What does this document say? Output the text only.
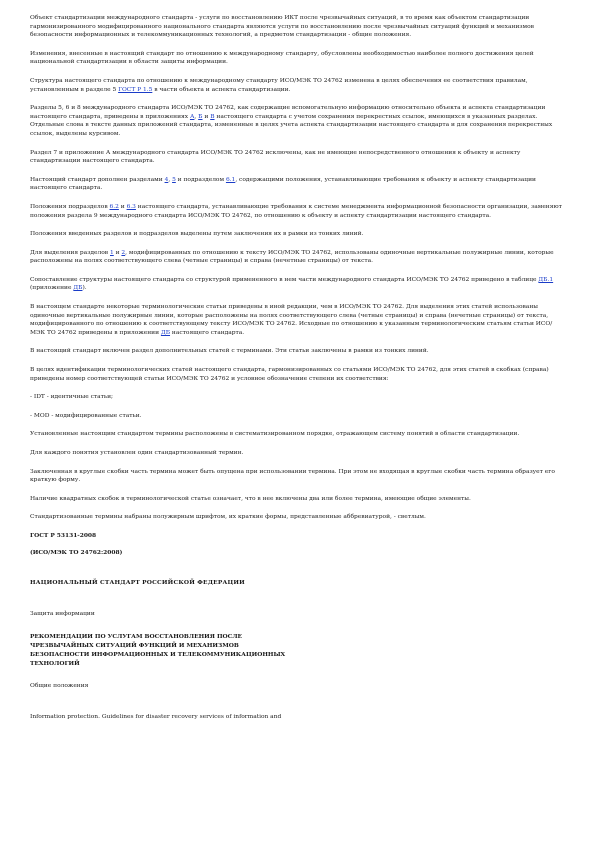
Объект стандартизации международного стандарта - услуги по восстановлению ИКТ после чрезвычайных ситуаций, в то время как объектом стандартизации гармонизированного модифицированного национального стандарта являются услуги по восстановлению после чрезвычайных ситуаций функций и механизмов безопасности информационных и телекоммуникационных технологий, а предметом стандартизации - общие положения.
Изменения, внесенные в настоящий стандарт по отношению к международному стандарту, обусловлены необходимостью наиболее полного достижения целей национальной стандартизации в области защиты информации.
Структура настоящего стандарта по отношению к международному стандарту ИСО/МЭК ТО 24762 изменена в целях обеспечения ее соответствия правилам, установленным в разделе 5 ГОСТ Р 1.5 в части объекта и аспекта стандартизации.
Разделы 5, 6 и 8 международного стандарта ИСО/МЭК ТО 24762, как содержащие вспомогательную информацию относительно объекта и аспекта стандартизации настоящего стандарта, приведены в приложениях А, Б и В настоящего стандарта с учетом сохранения перекрестных ссылок, имеющихся в указанных разделах. Отдельные слова в тексте данных приложений стандарта, измененные в целях учета аспекта стандартизации настоящего стандарта и для сохранения перекрестных ссылок, выделены курсивом.
Раздел 7 и приложение А международного стандарта ИСО/МЭК ТО 24762 исключены, как не имеющие непосредственного отношения к объекту и аспекту стандартизации настоящего стандарта.
Настоящий стандарт дополнен разделами 4, 5 и подразделом 6.1, содержащими положения, устанавливающие требования к объекту и аспекту стандартизации настоящего стандарта.
Положения подразделов 6.2 и 6.3 настоящего стандарта, устанавливающие требования к системе менеджмента информационной безопасности организации, заменяют положения раздела 9 международного стандарта ИСО/МЭК ТО 24762, по отношению к объекту и аспекту стандартизации настоящего стандарта.
Положения введенных разделов и подразделов выделены путем заключения их в рамки из тонких линий.
Для выделения разделов 1 и 2, модифицированных по отношению к тексту ИСО/МЭК ТО 24762, использованы одиночные вертикальные полужирные линии, которые расположены на полях соответствующего слева (четные страницы) и справа (нечетные страницы) от текста.
Сопоставление структуры настоящего стандарта со структурой примененного в нем части международного стандарта ИСО/МЭК ТО 24762 приведено в таблице ДБ.1 (приложение ДБ).
В настоящем стандарте некоторые терминологические статьи приведены в иной редакции, чем в ИСО/МЭК ТО 24762. Для выделения этих статей использованы одиночные вертикальные полужирные линии, которые расположены на полях соответствующего слева (четные страницы) и справа (нечетные страницы) от текста, модифицированного по отношению к соответствующему тексту ИСО/МЭК ТО 24762. Исходные по отношению к указанным терминологическим статьям статьи ИСО/МЭК ТО 24762 приведены в приложении ДБ настоящего стандарта.
В настоящий стандарт включен раздел дополнительных статей с терминами. Эти статьи заключены в рамки из тонких линий.
В целях идентификации терминологических статей настоящего стандарта, гармонизированных со статьями ИСО/МЭК ТО 24762, для этих статей в скобках (справа) приведены номер соответствующей статьи ИСО/МЭК ТО 24762 и условное обозначение степени их соответствия:
- IDT - идентичные статьи;
- MOD - модифицированные статьи.
Установленные настоящим стандартом термины расположены в систематизированном порядке, отражающем систему понятий в области стандартизации.
Для каждого понятия установлен один стандартизованный термин.
Заключенная в круглые скобки часть термина может быть опущена при использовании термина. При этом не входящая в круглые скобки часть термина образует его краткую форму.
Наличие квадратных скобок в терминологической статье означает, что в нее включены два или более термина, имеющие общие элементы.
Стандартизованные термины набраны полужирным шрифтом, их краткие формы, представленные аббревиатурой, - светлым.
ГОСТ Р 53131-2008
(ИСО/МЭК ТО 24762:2008)
НАЦИОНАЛЬНЫЙ СТАНДАРТ РОССИЙСКОЙ ФЕДЕРАЦИИ
Защита информации
РЕКОМЕНДАЦИИ ПО УСЛУГАМ ВОССТАНОВЛЕНИЯ ПОСЛЕ
ЧРЕЗВЫЧАЙНЫХ СИТУАЦИЙ ФУНКЦИЙ И МЕХАНИЗМОВ
БЕЗОПАСНОСТИ ИНФОРМАЦИОННЫХ И ТЕЛЕКОММУНИКАЦИОННЫХ
ТЕХНОЛОГИЙ
Общие положения
Information protection. Guidelines for disaster recovery services of information and
